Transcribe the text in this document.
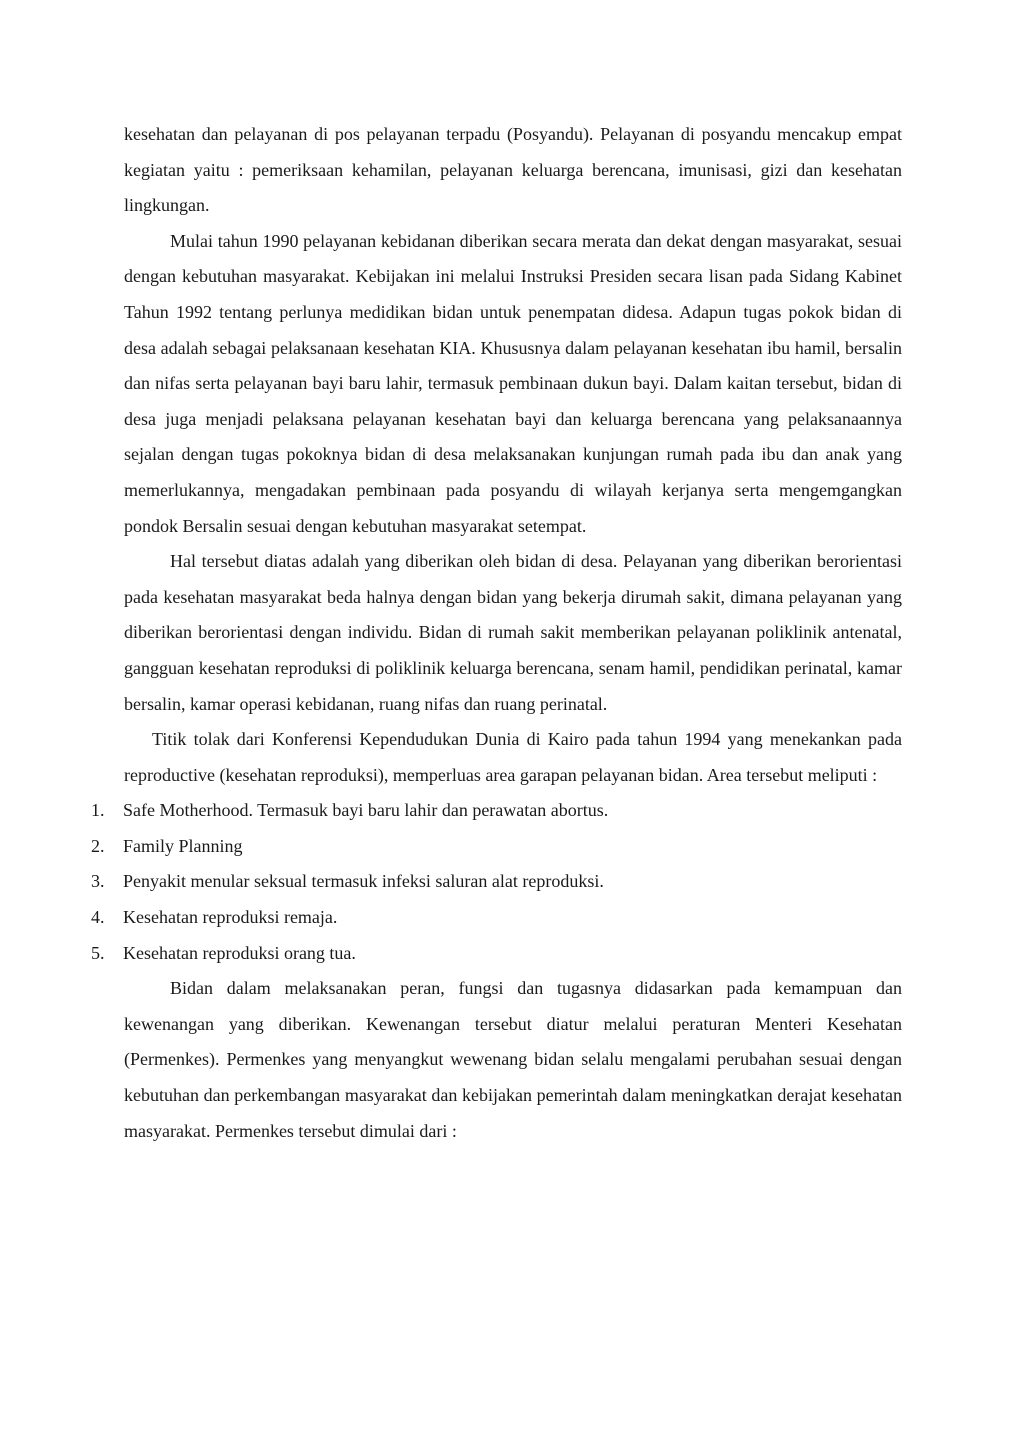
kesehatan dan pelayanan di pos pelayanan terpadu (Posyandu). Pelayanan di posyandu mencakup empat kegiatan yaitu : pemeriksaan kehamilan, pelayanan keluarga berencana, imunisasi, gizi dan kesehatan lingkungan.

Mulai tahun 1990 pelayanan kebidanan diberikan secara merata dan dekat dengan masyarakat, sesuai dengan kebutuhan masyarakat. Kebijakan ini melalui Instruksi Presiden secara lisan pada Sidang Kabinet Tahun 1992 tentang perlunya medidikan bidan untuk penempatan didesa. Adapun tugas pokok bidan di desa adalah sebagai pelaksanaan kesehatan KIA. Khususnya dalam pelayanan kesehatan ibu hamil, bersalin dan nifas serta pelayanan bayi baru lahir, termasuk pembinaan dukun bayi. Dalam kaitan tersebut, bidan di desa juga menjadi pelaksana pelayanan kesehatan bayi dan keluarga berencana yang pelaksanaannya sejalan dengan tugas pokoknya bidan di desa melaksanakan kunjungan rumah pada ibu dan anak yang memerlukannya, mengadakan pembinaan pada posyandu di wilayah kerjanya serta mengemgangkan pondok Bersalin sesuai dengan kebutuhan masyarakat setempat.

Hal tersebut diatas adalah yang diberikan oleh bidan di desa. Pelayanan yang diberikan berorientasi pada kesehatan masyarakat beda halnya dengan bidan yang bekerja dirumah sakit, dimana pelayanan yang diberikan berorientasi dengan individu. Bidan di rumah sakit memberikan pelayanan poliklinik antenatal, gangguan kesehatan reproduksi di poliklinik keluarga berencana, senam hamil, pendidikan perinatal, kamar bersalin, kamar operasi kebidanan, ruang nifas dan ruang perinatal.

Titik tolak dari Konferensi Kependudukan Dunia di Kairo pada tahun 1994 yang menekankan pada reproductive (kesehatan reproduksi), memperluas area garapan pelayanan bidan. Area tersebut meliputi :

1.	Safe Motherhood. Termasuk bayi baru lahir dan perawatan abortus.
2.	Family Planning
3.	Penyakit menular seksual termasuk infeksi saluran alat reproduksi.
4.	Kesehatan reproduksi remaja.
5.	Kesehatan reproduksi orang tua.

Bidan dalam melaksanakan peran, fungsi dan tugasnya didasarkan pada kemampuan dan kewenangan yang diberikan. Kewenangan tersebut diatur melalui peraturan Menteri Kesehatan (Permenkes). Permenkes yang menyangkut wewenang bidan selalu mengalami perubahan sesuai dengan kebutuhan dan perkembangan masyarakat dan kebijakan pemerintah dalam meningkatkan derajat kesehatan masyarakat. Permenkes tersebut dimulai dari :
